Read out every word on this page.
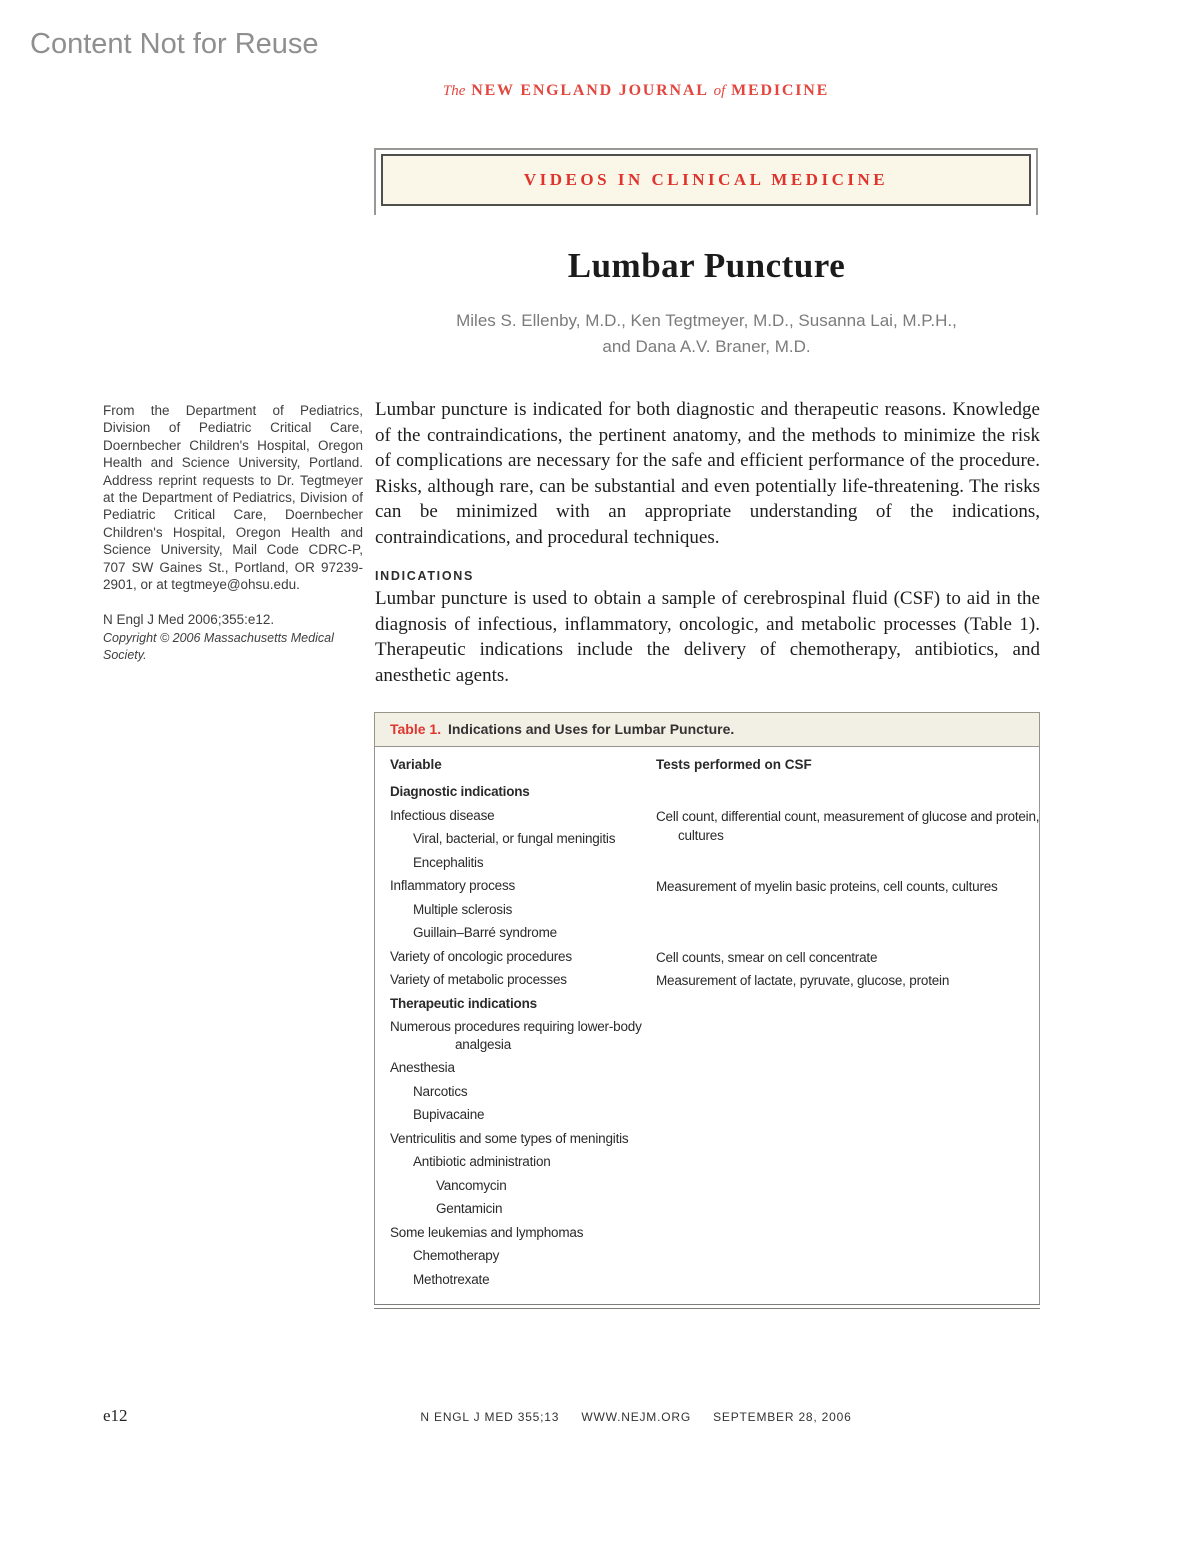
Content Not for Reuse
The NEW ENGLAND JOURNAL of MEDICINE
VIDEOS IN CLINICAL MEDICINE
Lumbar Puncture
Miles S. Ellenby, M.D., Ken Tegtmeyer, M.D., Susanna Lai, M.P.H.,
and Dana A.V. Braner, M.D.

From the Department of Pediatrics, Division of Pediatric Critical Care, Doernbecher Children's Hospital, Oregon Health and Science University, Portland. Address reprint requests to Dr. Tegtmeyer at the Department of Pediatrics, Division of Pediatric Critical Care, Doernbecher Children's Hospital, Oregon Health and Science University, Mail Code CDRC-P, 707 SW Gaines St., Portland, OR 97239-2901, or at tegtmeye@ohsu.edu.

N Engl J Med 2006;355:e12.

Copyright © 2006 Massachusetts Medical Society.

Lumbar puncture is indicated for both diagnostic and therapeutic reasons. Knowledge of the contraindications, the pertinent anatomy, and the methods to minimize the risk of complications are necessary for the safe and efficient performance of the procedure. Risks, although rare, can be substantial and even potentially life-threatening. The risks can be minimized with an appropriate understanding of the indications, contraindications, and procedural techniques.

INDICATIONS

Lumbar puncture is used to obtain a sample of cerebrospinal fluid (CSF) to aid in the diagnosis of infectious, inflammatory, oncologic, and metabolic processes (Table 1). Therapeutic indications include the delivery of chemotherapy, antibiotics, and anesthetic agents.

Table 1. Indications and Uses for Lumbar Puncture.
Variable	Tests performed on CSF
Diagnostic indications
Infectious disease	Cell count, differential count, measurement of glucose and protein, cultures
Viral, bacterial, or fungal meningitis
Encephalitis
Inflammatory process	Measurement of myelin basic proteins, cell counts, cultures
Multiple sclerosis
Guillain–Barré syndrome
Variety of oncologic procedures	Cell counts, smear on cell concentrate
Variety of metabolic processes	Measurement of lactate, pyruvate, glucose, protein
Therapeutic indications
Numerous procedures requiring lower-body analgesia
Anesthesia
Narcotics
Bupivacaine
Ventriculitis and some types of meningitis
Antibiotic administration
Vancomycin
Gentamicin
Some leukemias and lymphomas
Chemotherapy
Methotrexate
e12	N ENGL J MED 355;13 WWW.NEJM.ORG SEPTEMBER 28, 2006
